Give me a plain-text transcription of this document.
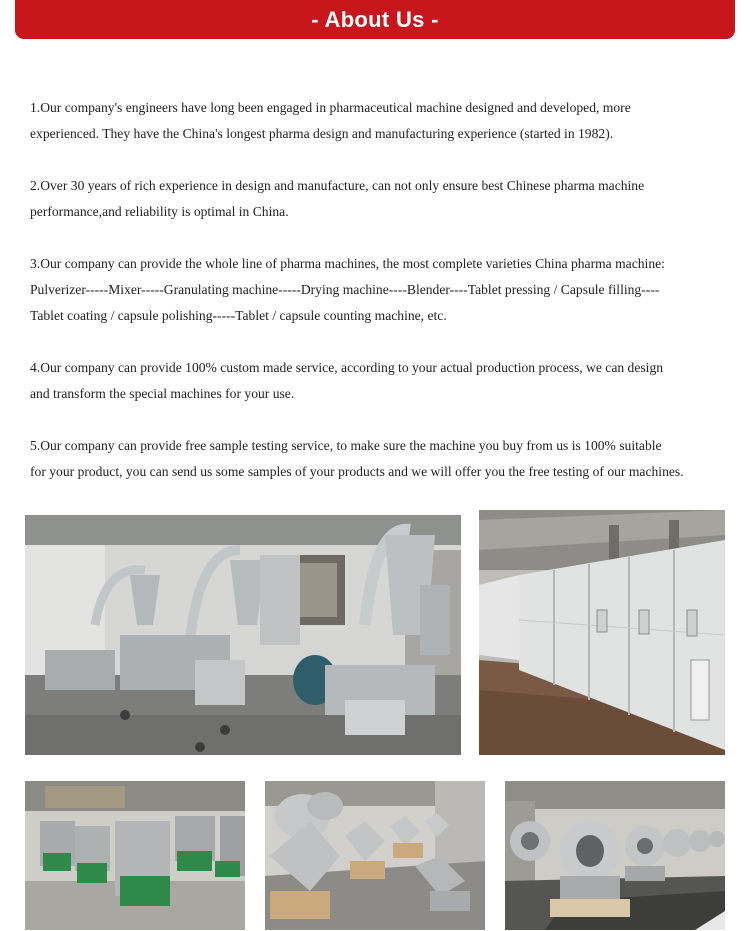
- About Us -

1.Our company's engineers have long been engaged in pharmaceutical machine designed and developed, more
experienced. They have the China's longest pharma design and manufacturing experience (started in 1982).

2.Over 30 years of rich experience in design and manufacture, can not only ensure best Chinese pharma machine
performance,and reliability is optimal in China.

3.Our company can provide the whole line of pharma machines, the most complete varieties China pharma machine:
Pulverizer-----Mixer-----Granulating machine-----Drying machine----Blender----Tablet pressing / Capsule filling----
Tablet coating / capsule polishing-----Tablet / capsule counting machine, etc.

4.Our company can provide 100% custom made service, according to your actual production process, we can design
and transform the special machines for your use.

5.Our company can provide free sample testing service, to make sure the machine you buy from us is 100% suitable
for your product, you can send us some samples of your products and we will offer you the free testing of our machines.
